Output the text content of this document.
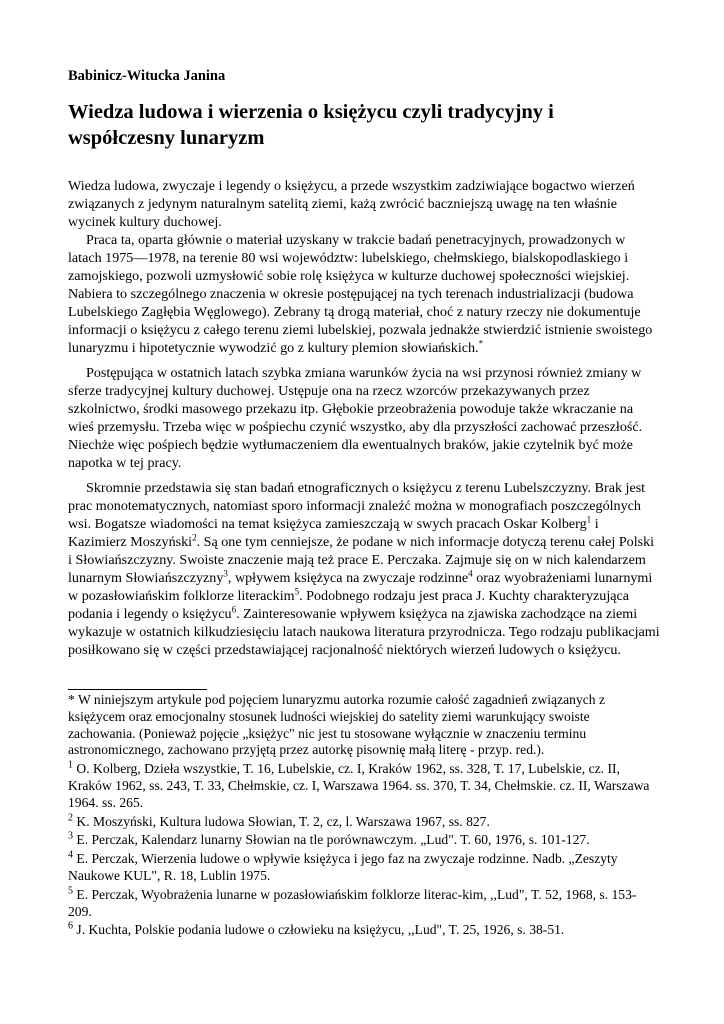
Babinicz-Witucka Janina
Wiedza ludowa i wierzenia o księżycu czyli tradycyjny i współczesny lunaryzm

Wiedza ludowa, zwyczaje i legendy o księżycu, a przede wszystkim zadziwiające bogactwo wierzeń związanych z jedynym naturalnym satelitą ziemi, każą zwrócić baczniejszą uwagę na ten właśnie wycinek kultury duchowej.

Praca ta, oparta głównie o materiał uzyskany w trakcie badań penetracyjnych, prowadzonych w latach 1975—1978, na terenie 80 wsi województw: lubelskiego, chełmskiego, bialskopodlaskiego i zamojskiego, pozwoli uzmysłowić sobie rolę księżyca w kulturze duchowej społeczności wiejskiej. Nabiera to szczególnego znaczenia w okresie postępującej na tych terenach industrializacji (budowa Lubelskiego Zagłębia Węglowego). Zebrany tą drogą materiał, choć z natury rzeczy nie dokumentuje informacji o księżycu z całego terenu ziemi lubelskiej, pozwala jednakże stwierdzić istnienie swoistego lunaryzmu i hipotetycznie wywodzić go z kultury plemion słowiańskich.*

Postępująca w ostatnich latach szybka zmiana warunków życia na wsi przynosi również zmiany w sferze tradycyjnej kultury duchowej. Ustępuje ona na rzecz wzorców przekazywanych przez szkolnictwo, środki masowego przekazu itp. Głębokie przeobrażenia powoduje także wkraczanie na wieś przemysłu. Trzeba więc w pośpiechu czynić wszystko, aby dla przyszłości zachować przeszłość. Niechże więc pośpiech będzie wytłumaczeniem dla ewentualnych braków, jakie czytelnik być może napotka w tej pracy.

Skromnie przedstawia się stan badań etnograficznych o księżycu z terenu Lubelszczyzny. Brak jest prac monotematycznych, natomiast sporo informacji znaleźć można w monografiach poszczególnych wsi. Bogatsze wiadomości na temat księżyca zamieszczają w swych pracach Oskar Kolberg$^1$ i Kazimierz Moszyński$^2$. Są one tym cenniejsze, że podane w nich informacje dotyczą terenu całej Polski i Słowiańszczyzny. Swoiste znaczenie mają też prace E. Perczaka. Zajmuje się on w nich kalendarzem lunarnym Słowiańszczyzny$^3$, wpływem księżyca na zwyczaje rodzinne$^4$ oraz wyobrażeniami lunarnymi w pozasłowiańskim folklorze literackim$^5$. Podobnego rodzaju jest praca J. Kuchty charakteryzująca podania i legendy o księżycu$^6$. Zainteresowanie wpływem księżyca na zjawiska zachodzące na ziemi wykazuje w ostatnich kilkudziesięciu latach naukowa literatura przyrodnicza. Tego rodzaju publikacjami posiłkowano się w części przedstawiającej racjonalność niektórych wierzeń ludowych o księżycu.

* W niniejszym artykule pod pojęciem lunaryzmu autorka rozumie całość zagadnień związanych z księżycem oraz emocjonalny stosunek ludności wiejskiej do satelity ziemi warunkujący swoiste zachowania. (Ponieważ pojęcie „księżyc" nic jest tu stosowane wyłącznie w znaczeniu terminu astronomicznego, zachowano przyjętą przez autorkę pisownię małą literę - przyp. red.).

$^1$ O. Kolberg, Dzieła wszystkie, T. 16, Lubelskie, cz. I, Kraków 1962, ss. 328, T. 17, Lubelskie, cz. II, Kraków 1962, ss. 243, T. 33, Chełmskie, cz. I, Warszawa 1964. ss. 370, T. 34, Chełmskie. cz. II, Warszawa 1964. ss. 265.

$^2$ K. Moszyński, Kultura ludowa Słowian, T. 2, cz, l. Warszawa 1967, ss. 827.

$^3$ E. Perczak, Kalendarz lunarny Słowian na tle porównawczym. „Lud". T. 60, 1976, s. 101-127.

$^4$ E. Perczak, Wierzenia ludowe o wpływie księżyca i jego faz na zwyczaje rodzinne. Nadb. „Zeszyty Naukowe KUL", R. 18, Lublin 1975.

$^5$ E. Perczak, Wyobrażenia lunarne w pozasłowiańskim folklorze literac-kim, ,,Lud", T. 52, 1968, s. 153-209.

$^6$ J. Kuchta, Polskie podania ludowe o człowieku na księżycu, ,,Lud", T. 25, 1926, s. 38-51.
